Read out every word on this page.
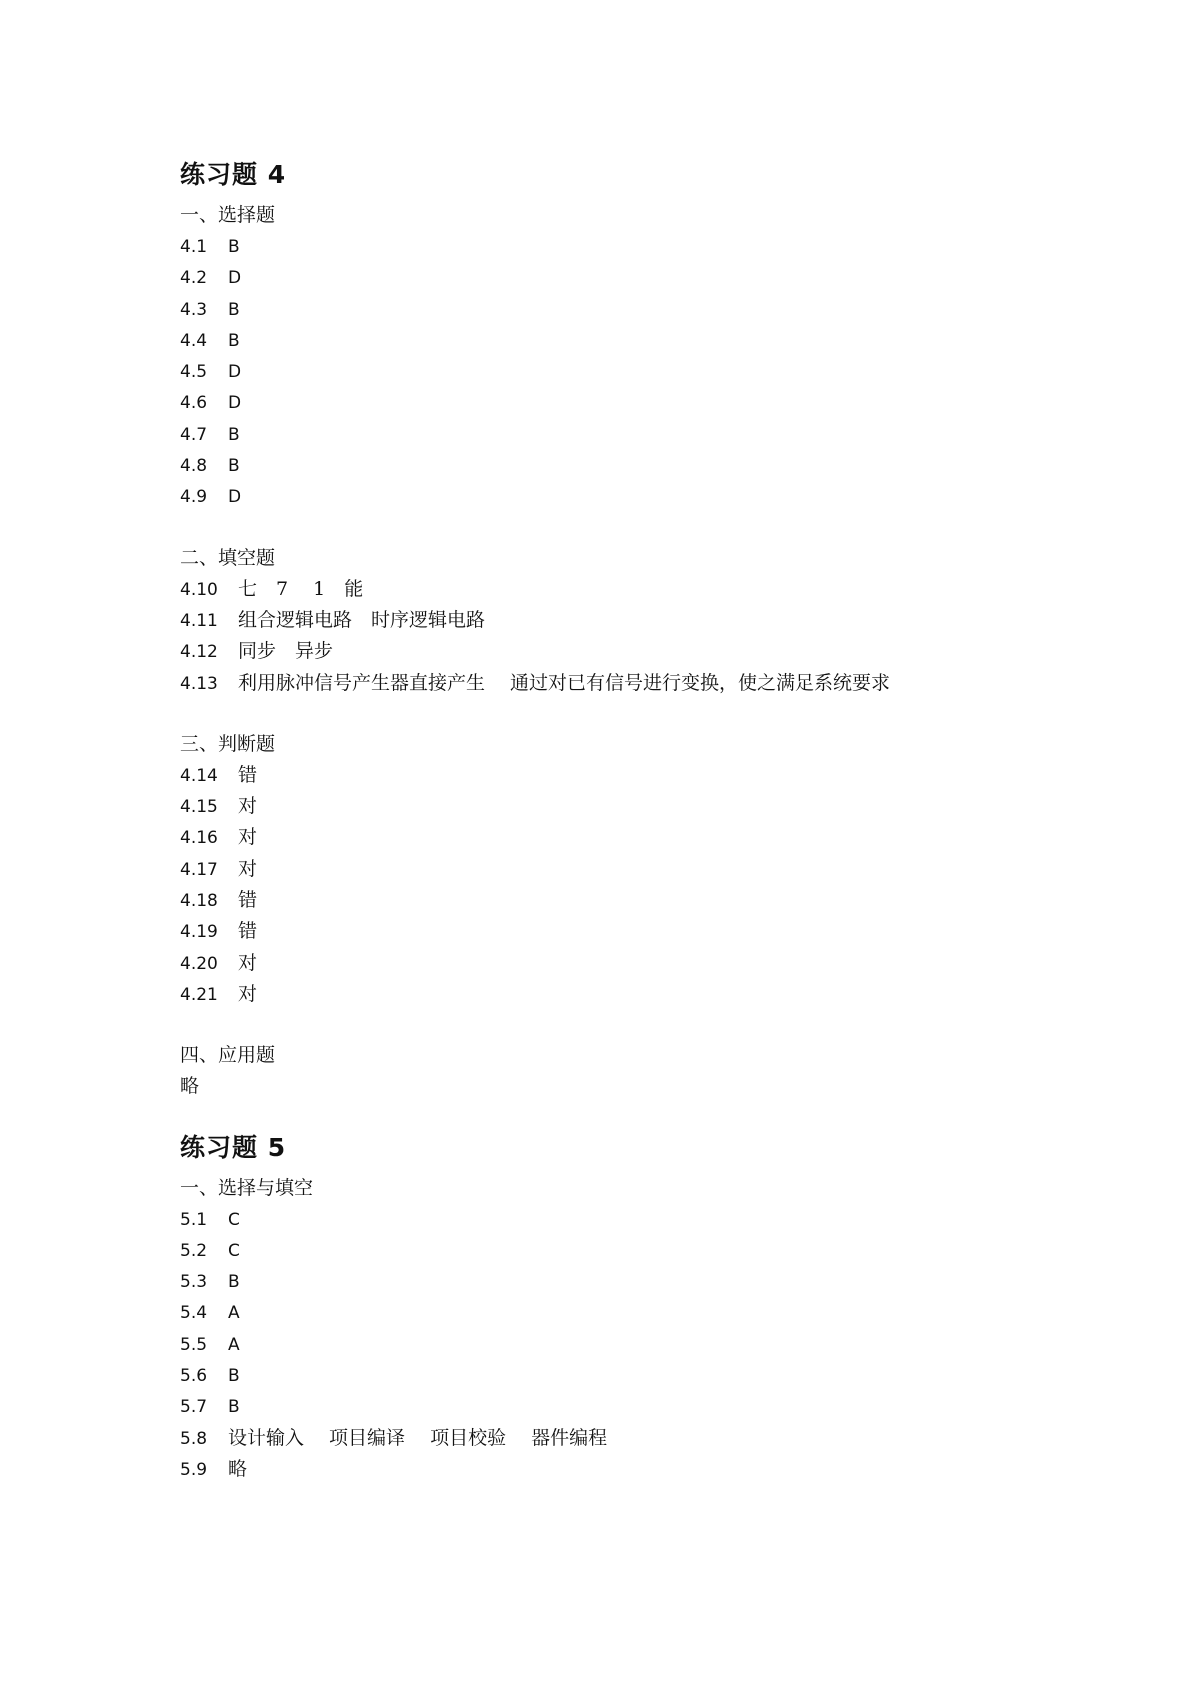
练习题 4
一、选择题
4.1 B
4.2 D
4.3 B
4.4 B
4.5 D
4.6 D
4.7 B
4.8 B
4.9 D
二、填空题
4.10 七　7　 1　能
4.11 组合逻辑电路　时序逻辑电路
4.12 同步　异步
4.13 利用脉冲信号产生器直接产生　 通过对已有信号进行变换，使之满足系统要求
三、判断题
4.14 错
4.15 对
4.16 对
4.17 对
4.18 错
4.19 错
4.20 对
4.21 对
四、应用题
略
练习题 5
一、选择与填空
5.1 C
5.2 C
5.3 B
5.4 A
5.5 A
5.6 B
5.7 B
5.8 设计输入　 项目编译　 项目校验　 器件编程
5.9 略
